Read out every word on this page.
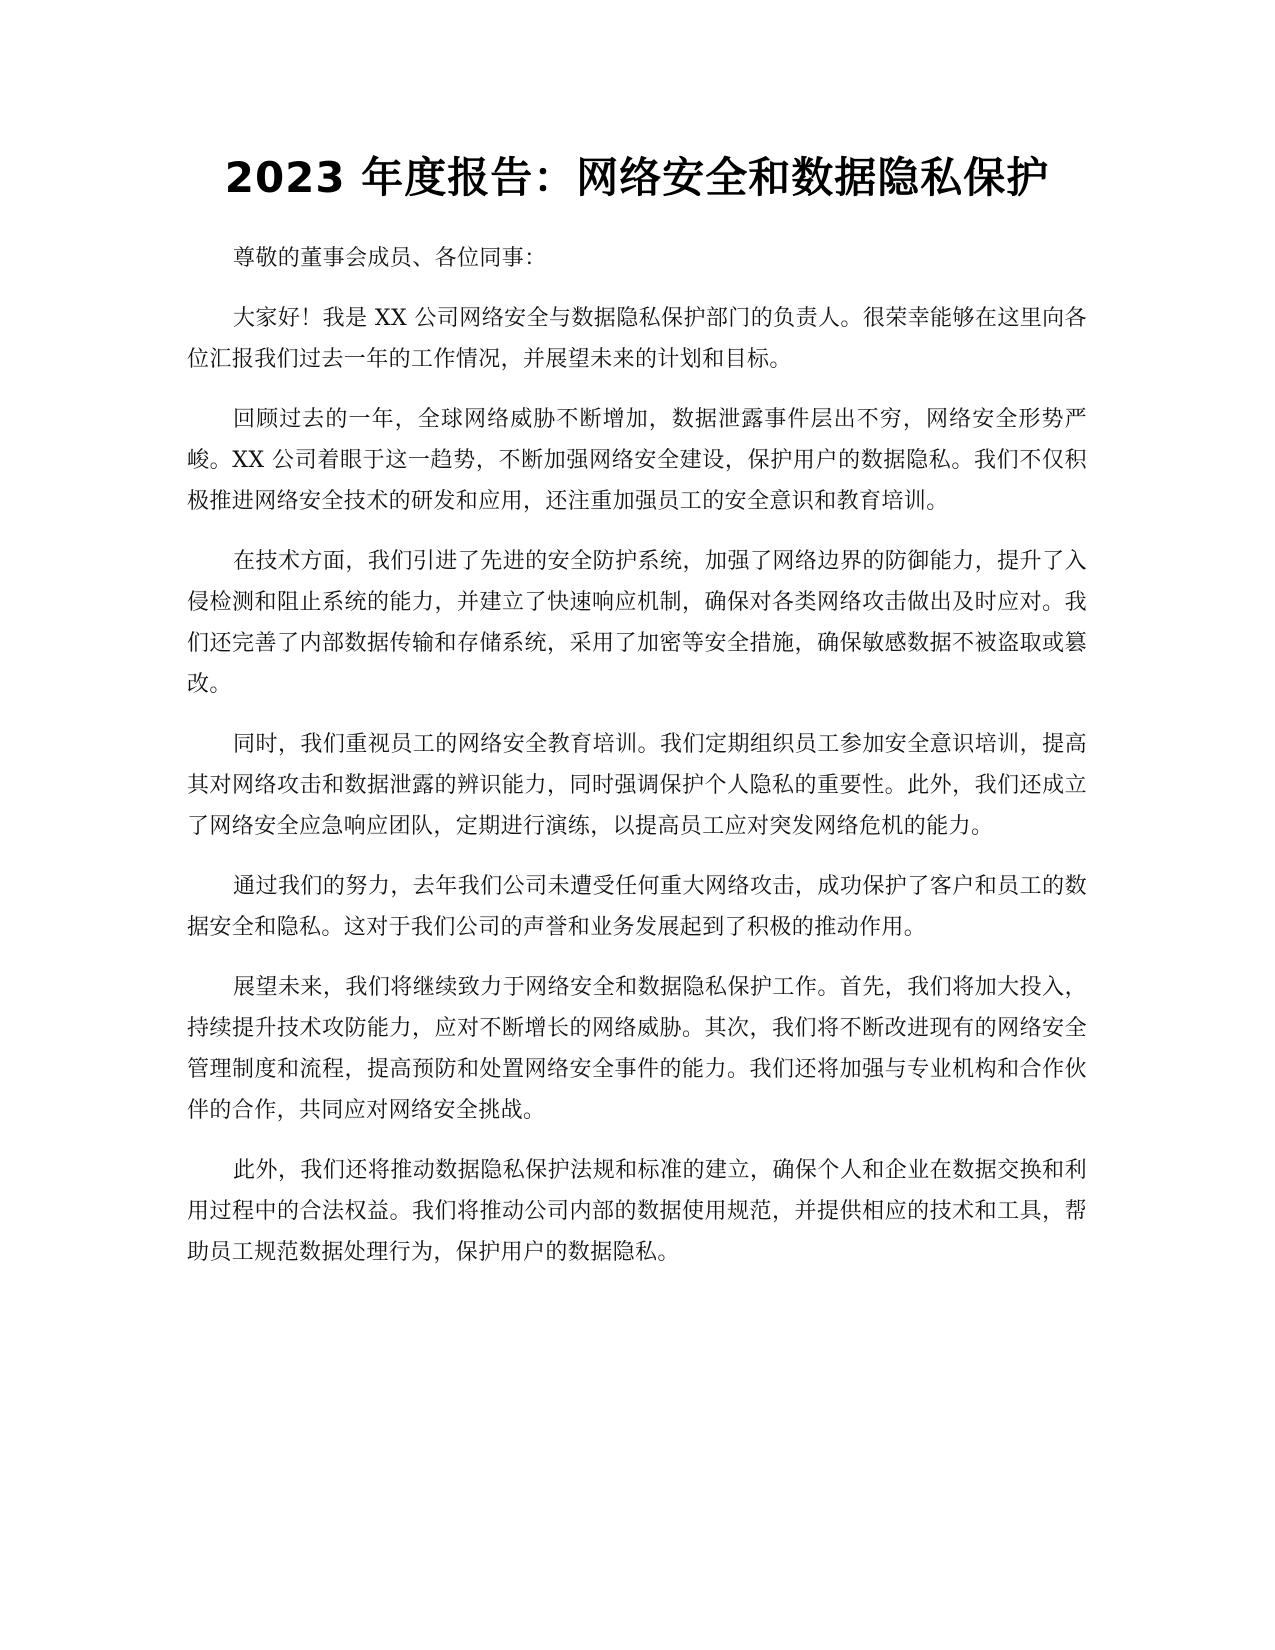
2023 年度报告：网络安全和数据隐私保护

尊敬的董事会成员、各位同事：

大家好！我是 XX 公司网络安全与数据隐私保护部门的负责人。很荣幸能够在这里向各位汇报我们过去一年的工作情况，并展望未来的计划和目标。

回顾过去的一年，全球网络威胁不断增加，数据泄露事件层出不穷，网络安全形势严峻。XX 公司着眼于这一趋势，不断加强网络安全建设，保护用户的数据隐私。我们不仅积极推进网络安全技术的研发和应用，还注重加强员工的安全意识和教育培训。

在技术方面，我们引进了先进的安全防护系统，加强了网络边界的防御能力，提升了入侵检测和阻止系统的能力，并建立了快速响应机制，确保对各类网络攻击做出及时应对。我们还完善了内部数据传输和存储系统，采用了加密等安全措施，确保敏感数据不被盗取或篡改。

同时，我们重视员工的网络安全教育培训。我们定期组织员工参加安全意识培训，提高其对网络攻击和数据泄露的辨识能力，同时强调保护个人隐私的重要性。此外，我们还成立了网络安全应急响应团队，定期进行演练，以提高员工应对突发网络危机的能力。

通过我们的努力，去年我们公司未遭受任何重大网络攻击，成功保护了客户和员工的数据安全和隐私。这对于我们公司的声誉和业务发展起到了积极的推动作用。

展望未来，我们将继续致力于网络安全和数据隐私保护工作。首先，我们将加大投入，持续提升技术攻防能力，应对不断增长的网络威胁。其次，我们将不断改进现有的网络安全管理制度和流程，提高预防和处置网络安全事件的能力。我们还将加强与专业机构和合作伙伴的合作，共同应对网络安全挑战。

此外，我们还将推动数据隐私保护法规和标准的建立，确保个人和企业在数据交换和利用过程中的合法权益。我们将推动公司内部的数据使用规范，并提供相应的技术和工具，帮助员工规范数据处理行为，保护用户的数据隐私。
